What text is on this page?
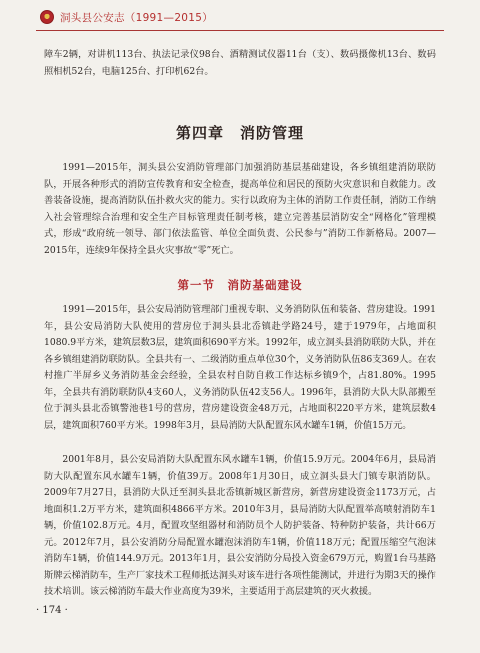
洞头县公安志（1991—2015）

障车2辆，对讲机113台、执法记录仪98台、酒精测试仪器11台（支）、数码摄像机13台、数码照相机52台，电脑125台、打印机62台。

第四章　消防管理

1991—2015年，洞头县公安消防管理部门加强消防基层基础建设，各乡镇组建消防联防队，开展各种形式的消防宣传教育和安全检查，提高单位和居民的预防火灾意识和自救能力。改善装备设施，提高消防队伍扑救火灾的能力。实行以政府为主体的消防工作责任制，消防工作纳入社会管理综合治理和安全生产目标管理责任制考核，建立完善基层消防安全“网格化”管理模式，形成“政府统一领导、部门依法监管、单位全面负责、公民参与”消防工作新格局。2007—2015年，连续9年保持全县火灾事故“零”死亡。

第一节　消防基础建设

1991—2015年，县公安局消防管理部门重视专职、义务消防队伍和装备、营房建设。1991年，县公安局消防大队使用的营房位于洞头县北岙镇赴学路24号，建于1979年，占地面积1080.9平方米，建筑层数3层，建筑面积690平方米。1992年，成立洞头县消防联防大队，并在各乡镇组建消防联防队。全县共有一、二级消防重点单位30个，义务消防队伍86支369人。在农村推广半屏乡义务消防基金会经验，全县农村自防自救工作达标乡镇9个，占81.80%。1995年，全县共有消防联防队4支60人，义务消防队伍42支56人。1996年，县消防大队大队部搬至位于洞头县北岙镇警池巷1号的营房，营房建设资金48万元，占地面积220平方米，建筑层数4层，建筑面积760平方米。1998年3月，县局消防大队配置东风水罐车1辆，价值15万元。

2001年8月，县公安局消防大队配置东风水罐车1辆，价值15.9万元。2004年6月，县局消防大队配置东风水罐车1辆，价值39万。2008年1月30日，成立洞头县大门镇专职消防队。2009年7月27日，县消防大队迁至洞头县北岙镇新城区新营房，新营房建设资金1173万元，占地面积1.2万平方米，建筑面积4866平方米。2010年3月，县局消防大队配置举高喷射消防车1辆，价值102.8万元。4月，配置攻坚组器材和消防员个人防护装备、特种防护装备，共计66万元。2012年7月，县公安消防分局配置水罐泡沫消防车1辆，价值118万元；配置压缩空气泡沫消防车1辆，价值144.9万元。2013年1月，县公安消防分局投入资金679万元，购置1台马基路斯牌云梯消防车，生产厂家技术工程师抵达洞头对该车进行各项性能测试，并进行为期3天的操作技术培训。该云梯消防车最大作业高度为39米，主要适用于高层建筑的灭火救援。

· 174 ·
